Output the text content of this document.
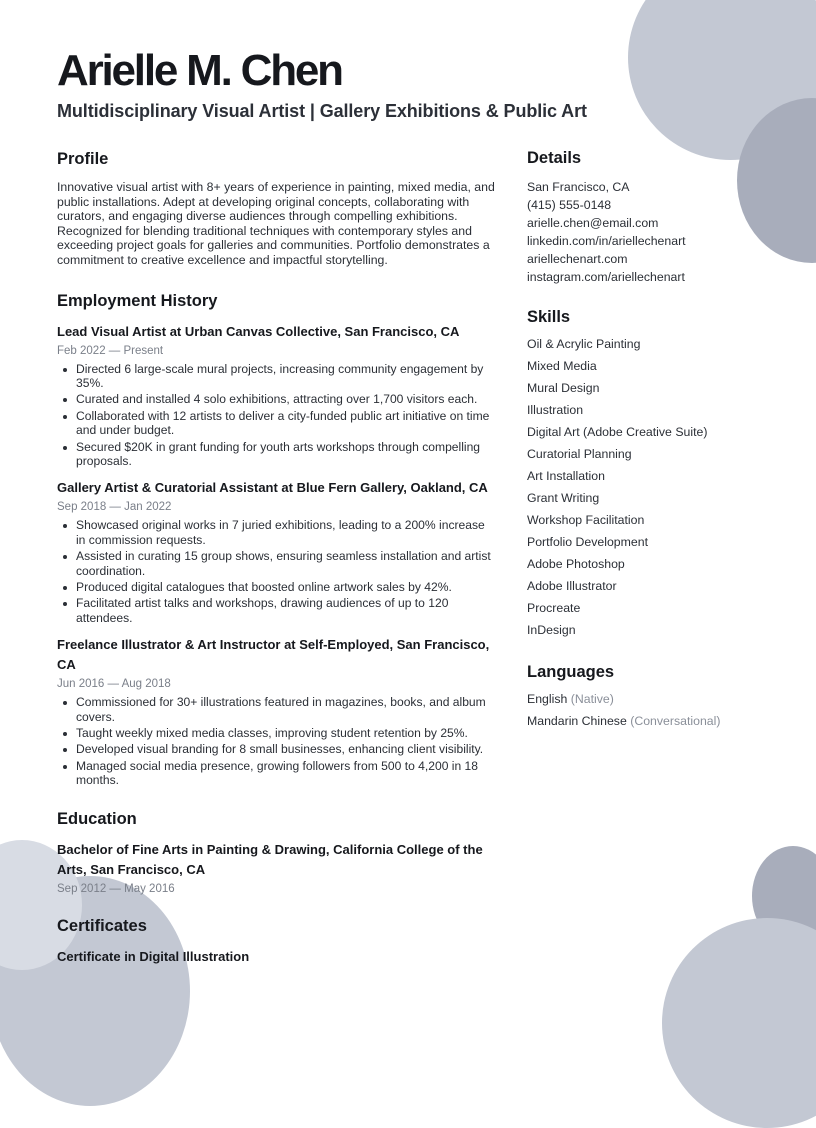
Arielle M. Chen
Multidisciplinary Visual Artist | Gallery Exhibitions & Public Art
Profile

Innovative visual artist with 8+ years of experience in painting, mixed media, and public installations. Adept at developing original concepts, collaborating with curators, and engaging diverse audiences through compelling exhibitions. Recognized for blending traditional techniques with contemporary styles and exceeding project goals for galleries and communities. Portfolio demonstrates a commitment to creative excellence and impactful storytelling.

Employment History

Lead Visual Artist at Urban Canvas Collective, San Francisco, CA

Feb 2022 — Present

Directed 6 large-scale mural projects, increasing community engagement by 35%.
Curated and installed 4 solo exhibitions, attracting over 1,700 visitors each.
Collaborated with 12 artists to deliver a city-funded public art initiative on time and under budget.
Secured $20K in grant funding for youth arts workshops through compelling proposals.

Gallery Artist & Curatorial Assistant at Blue Fern Gallery, Oakland, CA

Sep 2018 — Jan 2022

Showcased original works in 7 juried exhibitions, leading to a 200% increase in commission requests.
Assisted in curating 15 group shows, ensuring seamless installation and artist coordination.
Produced digital catalogues that boosted online artwork sales by 42%.
Facilitated artist talks and workshops, drawing audiences of up to 120 attendees.

Freelance Illustrator & Art Instructor at Self-Employed, San Francisco, CA

Jun 2016 — Aug 2018

Commissioned for 30+ illustrations featured in magazines, books, and album covers.
Taught weekly mixed media classes, improving student retention by 25%.
Developed visual branding for 8 small businesses, enhancing client visibility.
Managed social media presence, growing followers from 500 to 4,200 in 18 months.
Education

Bachelor of Fine Arts in Painting & Drawing, California College of the Arts, San Francisco, CA

Sep 2012 — May 2016

Certificates

Certificate in Digital Illustration

Details

San Francisco, CA

(415) 555-0148

arielle.chen@email.com

linkedin.com/in/ariellechenart

ariellechenart.com

instagram.com/ariellechenart

Skills

Oil & Acrylic Painting

Mixed Media

Mural Design

Illustration

Digital Art (Adobe Creative Suite)

Curatorial Planning

Art Installation

Grant Writing

Workshop Facilitation

Portfolio Development

Adobe Photoshop

Adobe Illustrator

Procreate

InDesign

Languages

English (Native)

Mandarin Chinese (Conversational)
